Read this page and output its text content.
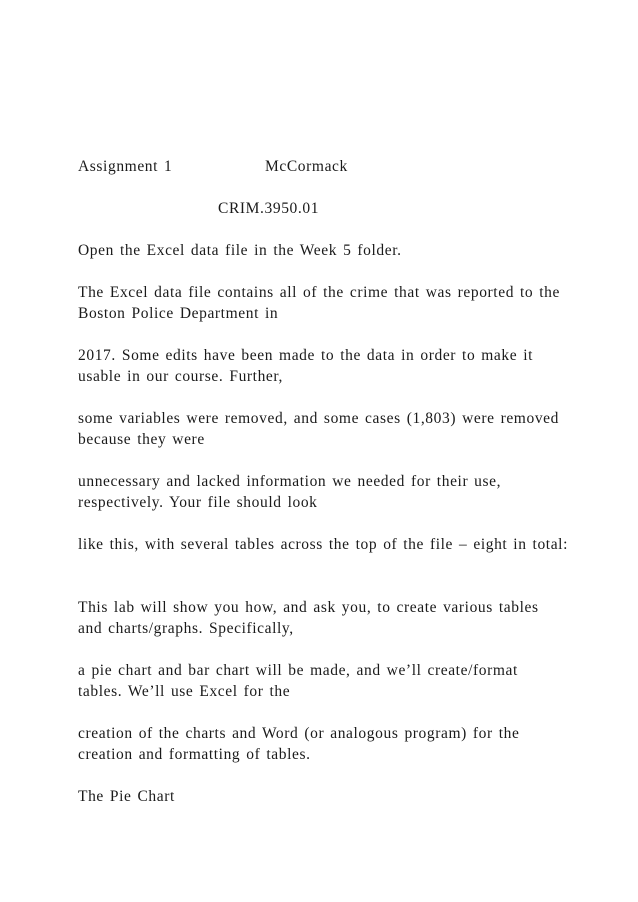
Assignment 1	McCormack
CRIM.3950.01

Open the Excel data file in the Week 5 folder.

The Excel data file contains all of the crime that was reported to the Boston Police Department in

2017. Some edits have been made to the data in order to make it usable in our course. Further,

some variables were removed, and some cases (1,803) were removed because they were

unnecessary and lacked information we needed for their use, respectively. Your file should look

like this, with several tables across the top of the file – eight in total:

This lab will show you how, and ask you, to create various tables and charts/graphs. Specifically,

a pie chart and bar chart will be made, and we’ll create/format tables. We’ll use Excel for the

creation of the charts and Word (or analogous program) for the creation and formatting of tables.

The Pie Chart
